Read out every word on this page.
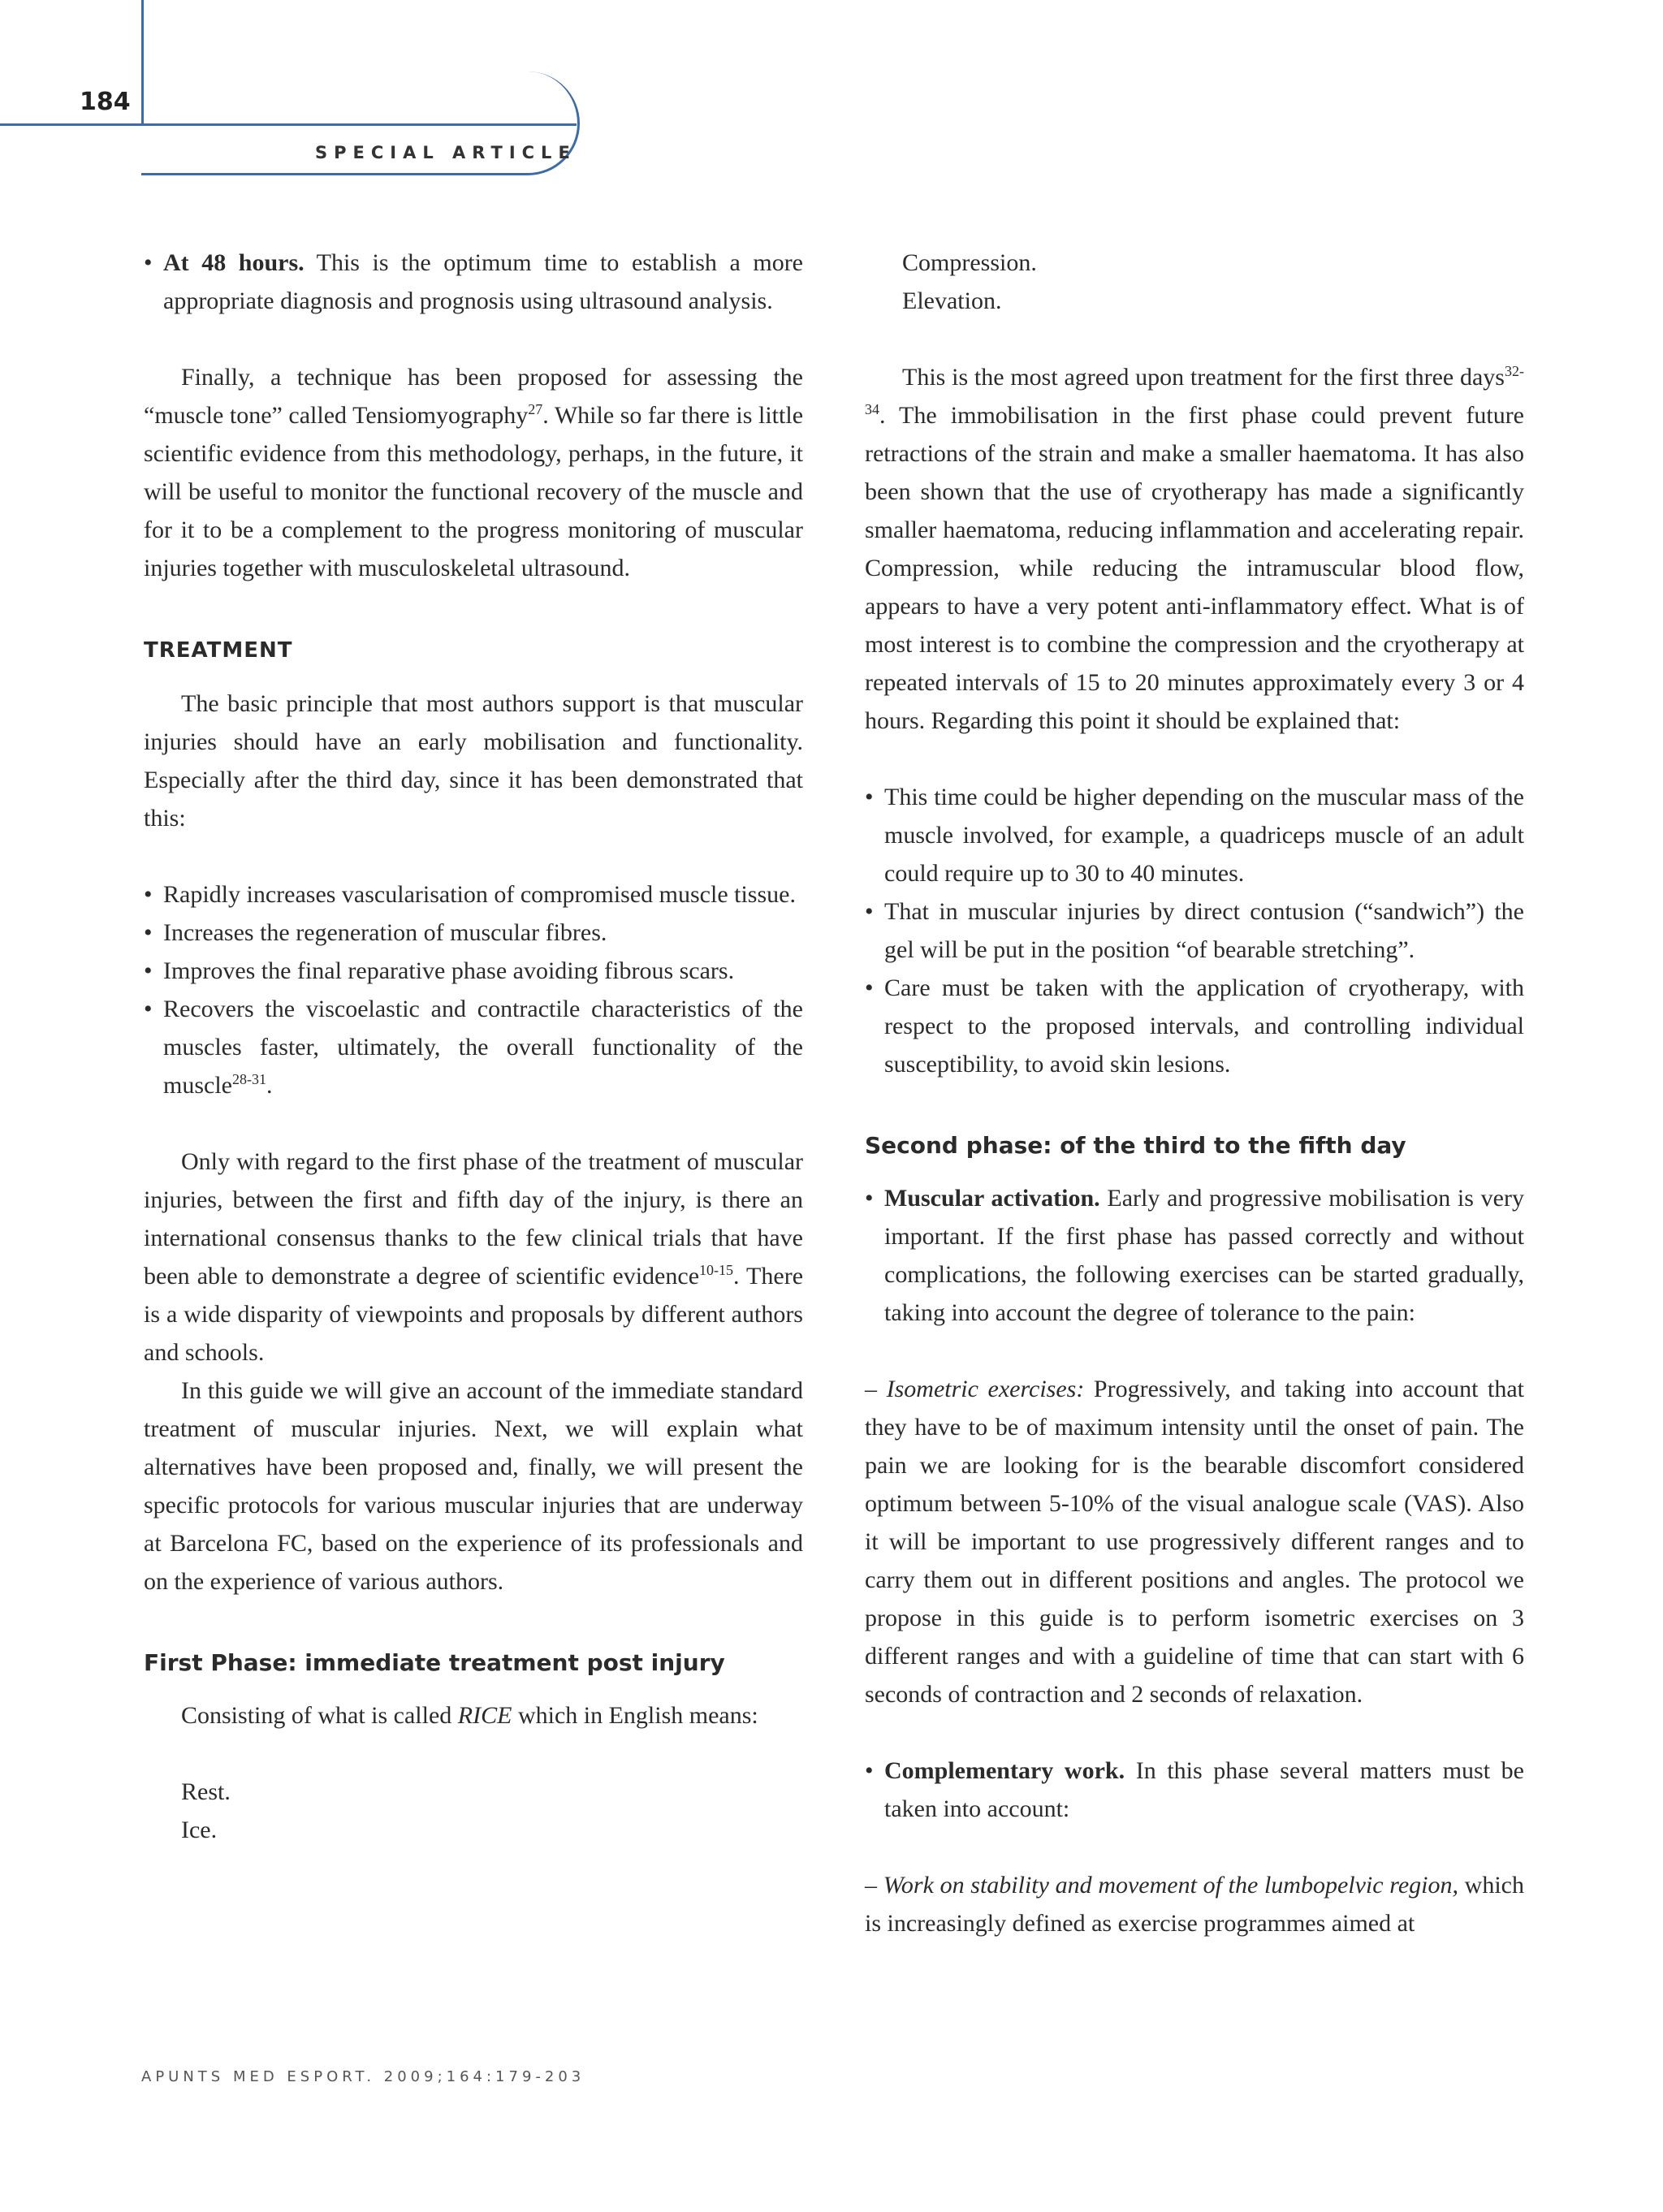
184
SPECIAL ARTICLE
• At 48 hours. This is the optimum time to establish a more appropriate diagnosis and prognosis using ultrasound analysis.

Finally, a technique has been proposed for assessing the “muscle tone” called Tensiomyography$^{27}$. While so far there is little scientific evidence from this methodology, perhaps, in the future, it will be useful to monitor the functional recovery of the muscle and for it to be a complement to the progress monitoring of muscular injuries together with musculoskeletal ultrasound.

TREATMENT

The basic principle that most authors support is that muscular injuries should have an early mobilisation and functionality. Especially after the third day, since it has been demonstrated that this:

• Rapidly increases vascularisation of compromised muscle tissue.
• Increases the regeneration of muscular fibres.
• Improves the final reparative phase avoiding fibrous scars.
• Recovers the viscoelastic and contractile characteristics of the muscles faster, ultimately, the overall functionality of the muscle$^{28-31}$.

Only with regard to the first phase of the treatment of muscular injuries, between the first and fifth day of the injury, is there an international consensus thanks to the few clinical trials that have been able to demonstrate a degree of scientific evidence$^{10-15}$. There is a wide disparity of viewpoints and proposals by different authors and schools.

In this guide we will give an account of the immediate standard treatment of muscular injuries. Next, we will explain what alternatives have been proposed and, finally, we will present the specific protocols for various muscular injuries that are underway at Barcelona FC, based on the experience of its professionals and on the experience of various authors.

First Phase: immediate treatment post injury

Consisting of what is called RICE which in English means:

Rest.
Ice.
Compression.
Elevation.

This is the most agreed upon treatment for the first three days$^{32-34}$. The immobilisation in the first phase could prevent future retractions of the strain and make a smaller haematoma. It has also been shown that the use of cryotherapy has made a significantly smaller haematoma, reducing inflammation and accelerating repair. Compression, while reducing the intramuscular blood flow, appears to have a very potent anti-inflammatory effect. What is of most interest is to combine the compression and the cryotherapy at repeated intervals of 15 to 20 minutes approximately every 3 or 4 hours. Regarding this point it should be explained that:

• This time could be higher depending on the muscular mass of the muscle involved, for example, a quadriceps muscle of an adult could require up to 30 to 40 minutes.
• That in muscular injuries by direct contusion (“sandwich”) the gel will be put in the position “of bearable stretching”.
• Care must be taken with the application of cryotherapy, with respect to the proposed intervals, and controlling individual susceptibility, to avoid skin lesions.
Second phase: of the third to the fifth day
• Muscular activation. Early and progressive mobilisation is very important. If the first phase has passed correctly and without complications, the following exercises can be started gradually, taking into account the degree of tolerance to the pain:

– Isometric exercises: Progressively, and taking into account that they have to be of maximum intensity until the onset of pain. The pain we are looking for is the bearable discomfort considered optimum between 5-10% of the visual analogue scale (VAS). Also it will be important to use progressively different ranges and to carry them out in different positions and angles. The protocol we propose in this guide is to perform isometric exercises on 3 different ranges and with a guideline of time that can start with 6 seconds of contraction and 2 seconds of relaxation.

• Complementary work. In this phase several matters must be taken into account:

– Work on stability and movement of the lumbopelvic region, which is increasingly defined as exercise programmes aimed at

APUNTS MED ESPORT. 2009;164:179-203
